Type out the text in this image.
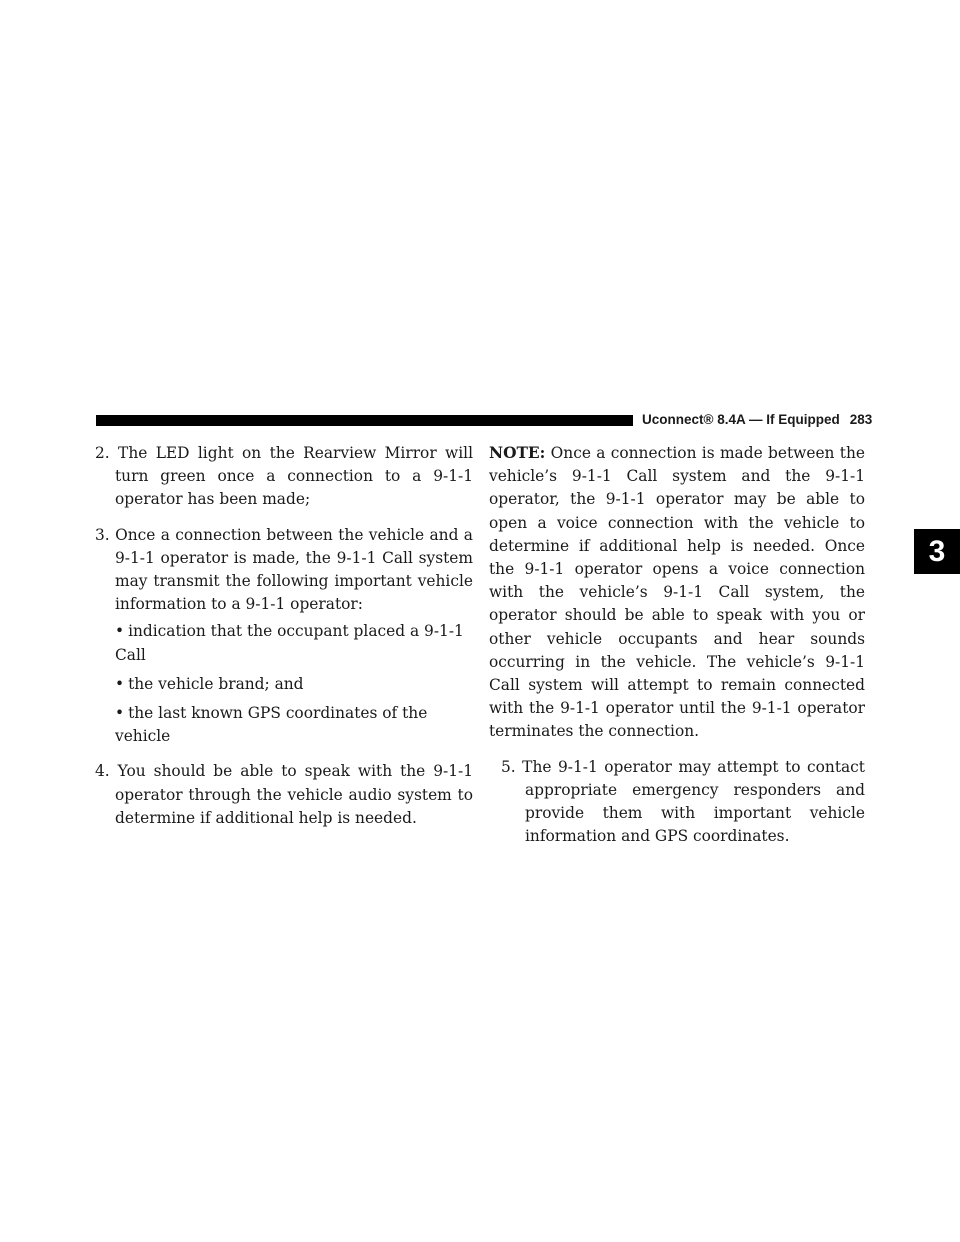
Uconnect® 8.4A — If Equipped 283
3

2. The LED light on the Rearview Mirror will turn green once a connection to a 9-1-1 operator has been made;

3. Once a connection between the vehicle and a 9-1-1 operator is made, the 9-1-1 Call system may transmit the following important vehicle information to a 9-1-1 operator:

• indication that the occupant placed a 9-1-1 Call
• the vehicle brand; and
• the last known GPS coordinates of the vehicle

4. You should be able to speak with the 9-1-1 operator through the vehicle audio system to determine if additional help is needed.

NOTE: Once a connection is made between the vehicle’s 9-1-1 Call system and the 9-1-1 operator, the 9-1-1 operator may be able to open a voice connection with the vehicle to determine if additional help is needed. Once the 9-1-1 operator opens a voice connection with the vehicle’s 9-1-1 Call system, the operator should be able to speak with you or other vehicle occupants and hear sounds occurring in the vehicle. The vehicle’s 9-1-1 Call system will attempt to remain connected with the 9-1-1 operator until the 9-1-1 operator terminates the connection.

5. The 9-1-1 operator may attempt to contact appropriate emergency responders and provide them with important vehicle information and GPS coordinates.
